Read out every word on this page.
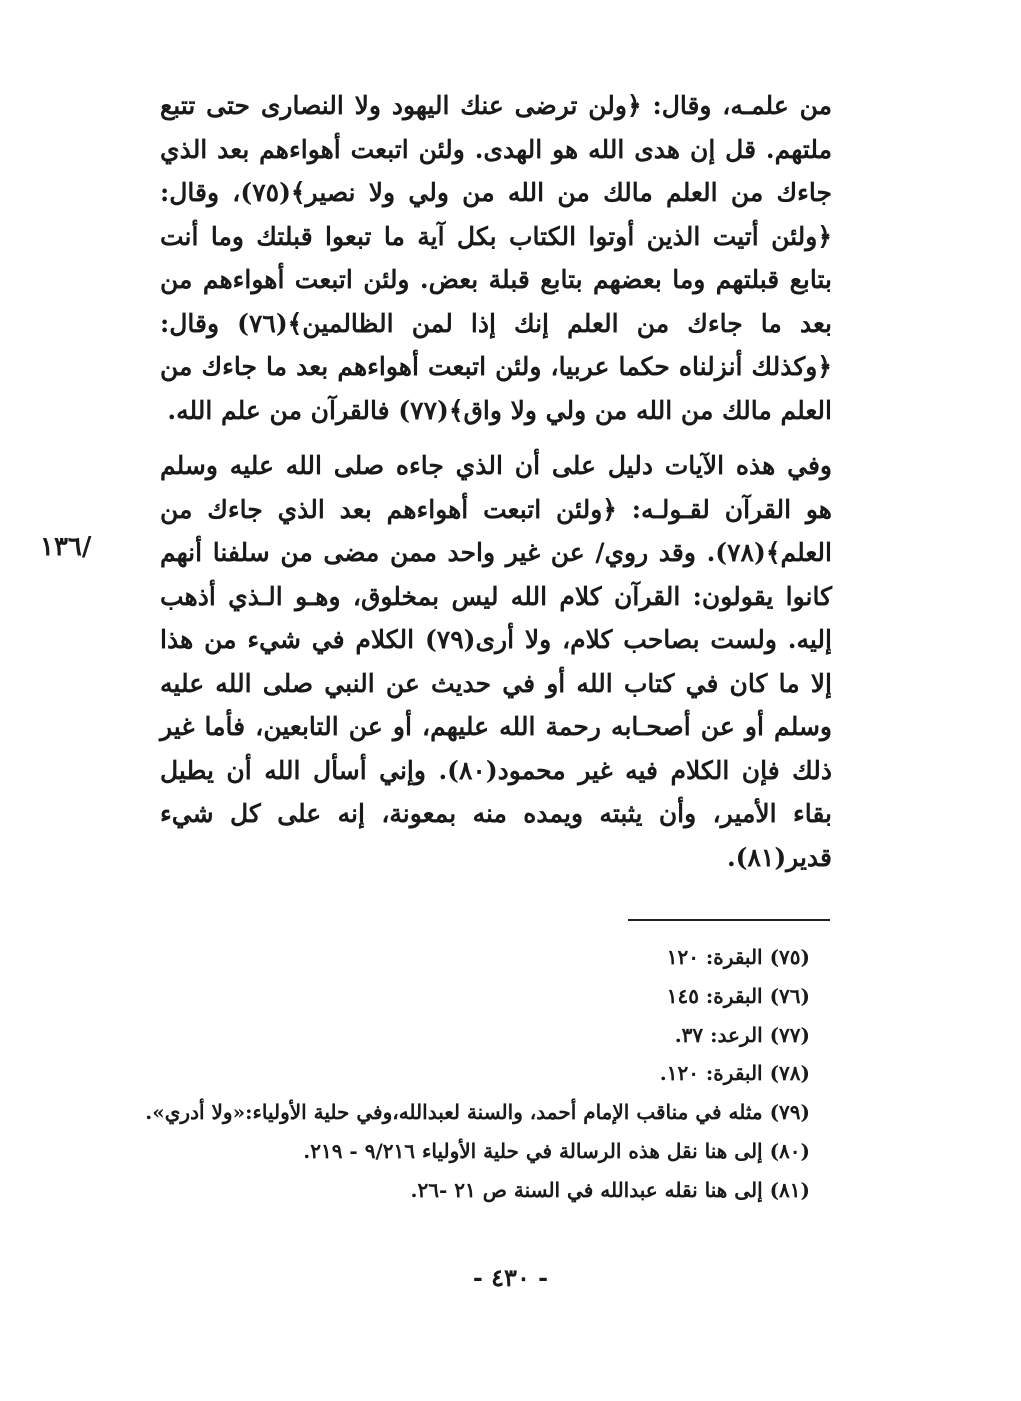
من علمـه، وقال: ﴿ولن ترضى عنك اليهود ولا النصارى حتى تتبع ملتهم. قل إن هدى الله هو الهدى. ولئن اتبعت أهواءهم بعد الذي جاءك من العلم مالك من الله من ولي ولا نصير﴾(٧٥)، وقال: ﴿ولئن أتيت الذين أوتوا الكتاب بكل آية ما تبعوا قبلتك وما أنت بتابع قبلتهم وما بعضهم بتابع قبلة بعض. ولئن اتبعت أهواءهم من بعد ما جاءك من العلم إنك إذا لمن الظالمين﴾(٧٦) وقال: ﴿وكذلك أنزلناه حكما عربيا، ولئن اتبعت أهواءهم بعد ما جاءك من العلم مالك من الله من ولي ولا واق﴾(٧٧) فالقرآن من علم الله.

وفي هذه الآيات دليل على أن الذي جاءه صلى الله عليه وسلم هو القرآن لقـولـه: ﴿ولئن اتبعت أهواءهم بعد الذي جاءك من العلم﴾(٧٨). وقد روي/ عن غير واحد ممن مضى من سلفنا أنهم كانوا يقولون: القرآن كلام الله ليس بمخلوق، وهـو الـذي أذهب إليه. ولست بصاحب كلام، ولا أرى(٧٩) الكلام في شيء من هذا إلا ما كان في كتاب الله أو في حديث عن النبي صلى الله عليه وسلم أو عن أصحـابه رحمة الله عليهم، أو عن التابعين، فأما غير ذلك فإن الكلام فيه غير محمود(٨٠). وإني أسأل الله أن يطيل بقاء الأمير، وأن يثبته ويمده منه بمعونة، إنه على كل شيء قدير(٨١).

/١٣٦

(٧٥) البقرة: ١٢٠

(٧٦) البقرة: ١٤٥

(٧٧) الرعد: ٣٧.

(٧٨) البقرة: ١٢٠.

(٧٩) مثله في مناقب الإمام أحمد، والسنة لعبدالله،وفي حلية الأولياء:«ولا أدري».

(٨٠) إلى هنا نقل هذه الرسالة في حلية الأولياء ٩/٢١٦ - ٢١٩.

(٨١) إلى هنا نقله عبدالله في السنة ص ٢١ -٢٦.

- ٤٣٠ -
